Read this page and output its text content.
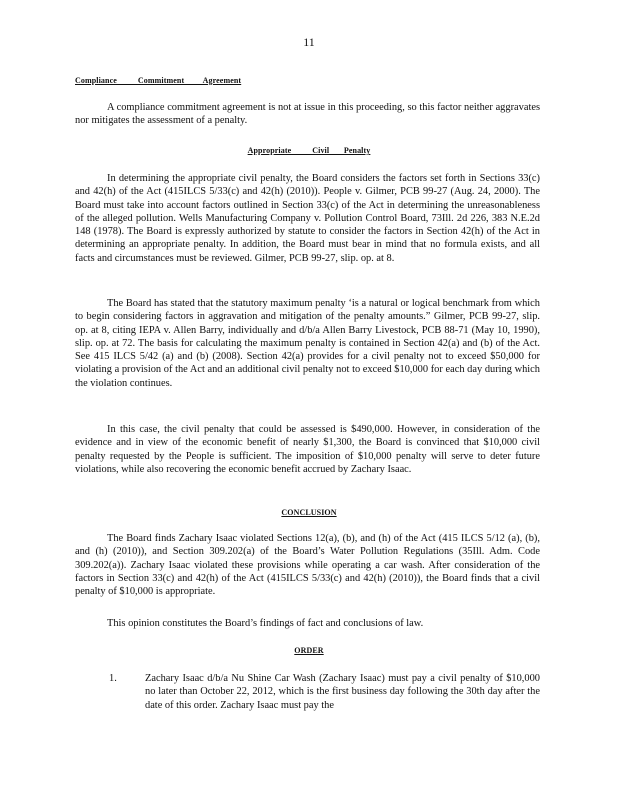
11
Compliance          Commitment         Agreement
A compliance commitment agreement is not at issue in this proceeding, so this factor neither aggravates nor mitigates the assessment of a penalty.
Appropriate          Civil       Penalty
In determining the appropriate civil penalty, the Board considers the factors set forth in Sections 33(c) and 42(h) of the Act (415ILCS 5/33(c) and 42(h) (2010)). People v. Gilmer, PCB 99-27 (Aug. 24, 2000). The Board must take into account factors outlined in Section 33(c) of the Act in determining the unreasonableness of the alleged pollution. Wells Manufacturing Company v. Pollution Control Board, 73Ill. 2d 226, 383 N.E.2d 148 (1978). The Board is expressly authorized by statute to consider the factors in Section 42(h) of the Act in determining an appropriate penalty. In addition, the Board must bear in mind that no formula exists, and all facts and circumstances must be reviewed. Gilmer, PCB 99-27, slip. op. at 8.
The Board has stated that the statutory maximum penalty ‘is a natural or logical benchmark from which to begin considering factors in aggravation and mitigation of the penalty amounts.” Gilmer, PCB 99-27, slip. op. at 8, citing IEPA v. Allen Barry, individually and d/b/a Allen Barry Livestock, PCB 88-71 (May 10, 1990), slip. op. at 72. The basis for calculating the maximum penalty is contained in Section 42(a) and (b) of the Act. See 415 ILCS 5/42 (a) and (b) (2008). Section 42(a) provides for a civil penalty not to exceed $50,000 for violating a provision of the Act and an additional civil penalty not to exceed $10,000 for each day during which the violation continues.
In this case, the civil penalty that could be assessed is $490,000. However, in consideration of the evidence and in view of the economic benefit of nearly $1,300, the Board is convinced that $10,000 civil penalty requested by the People is sufficient. The imposition of $10,000 penalty will serve to deter future violations, while also recovering the economic benefit accrued by Zachary Isaac.
CONCLUSION
The Board finds Zachary Isaac violated Sections 12(a), (b), and (h) of the Act (415 ILCS 5/12 (a), (b), and (h) (2010)), and Section 309.202(a) of the Board’s Water Pollution Regulations (35Ill. Adm. Code 309.202(a)). Zachary Isaac violated these provisions while operating a car wash. After consideration of the factors in Section 33(c) and 42(h) of the Act (415ILCS 5/33(c) and 42(h) (2010)), the Board finds that a civil penalty of $10,000 is appropriate.
This opinion constitutes the Board’s findings of fact and conclusions of law.
ORDER
1.	Zachary Isaac d/b/a Nu Shine Car Wash (Zachary Isaac) must pay a civil penalty of $10,000 no later than October 22, 2012, which is the first business day following the 30th day after the date of this order. Zachary Isaac must pay the
